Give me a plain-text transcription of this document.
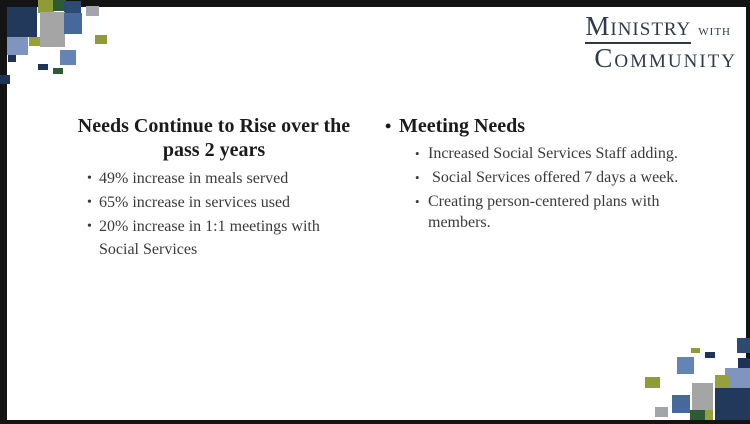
Ministry with
Community
Needs Continue to Rise over the
pass 2 years
• 49% increase in meals served
• 65% increase in services used
• 20% increase in 1:1 meetings with Social Services
• Meeting Needs
• Increased Social Services Staff adding.
• Social Services offered 7 days a week.
• Creating person-centered plans with members.
